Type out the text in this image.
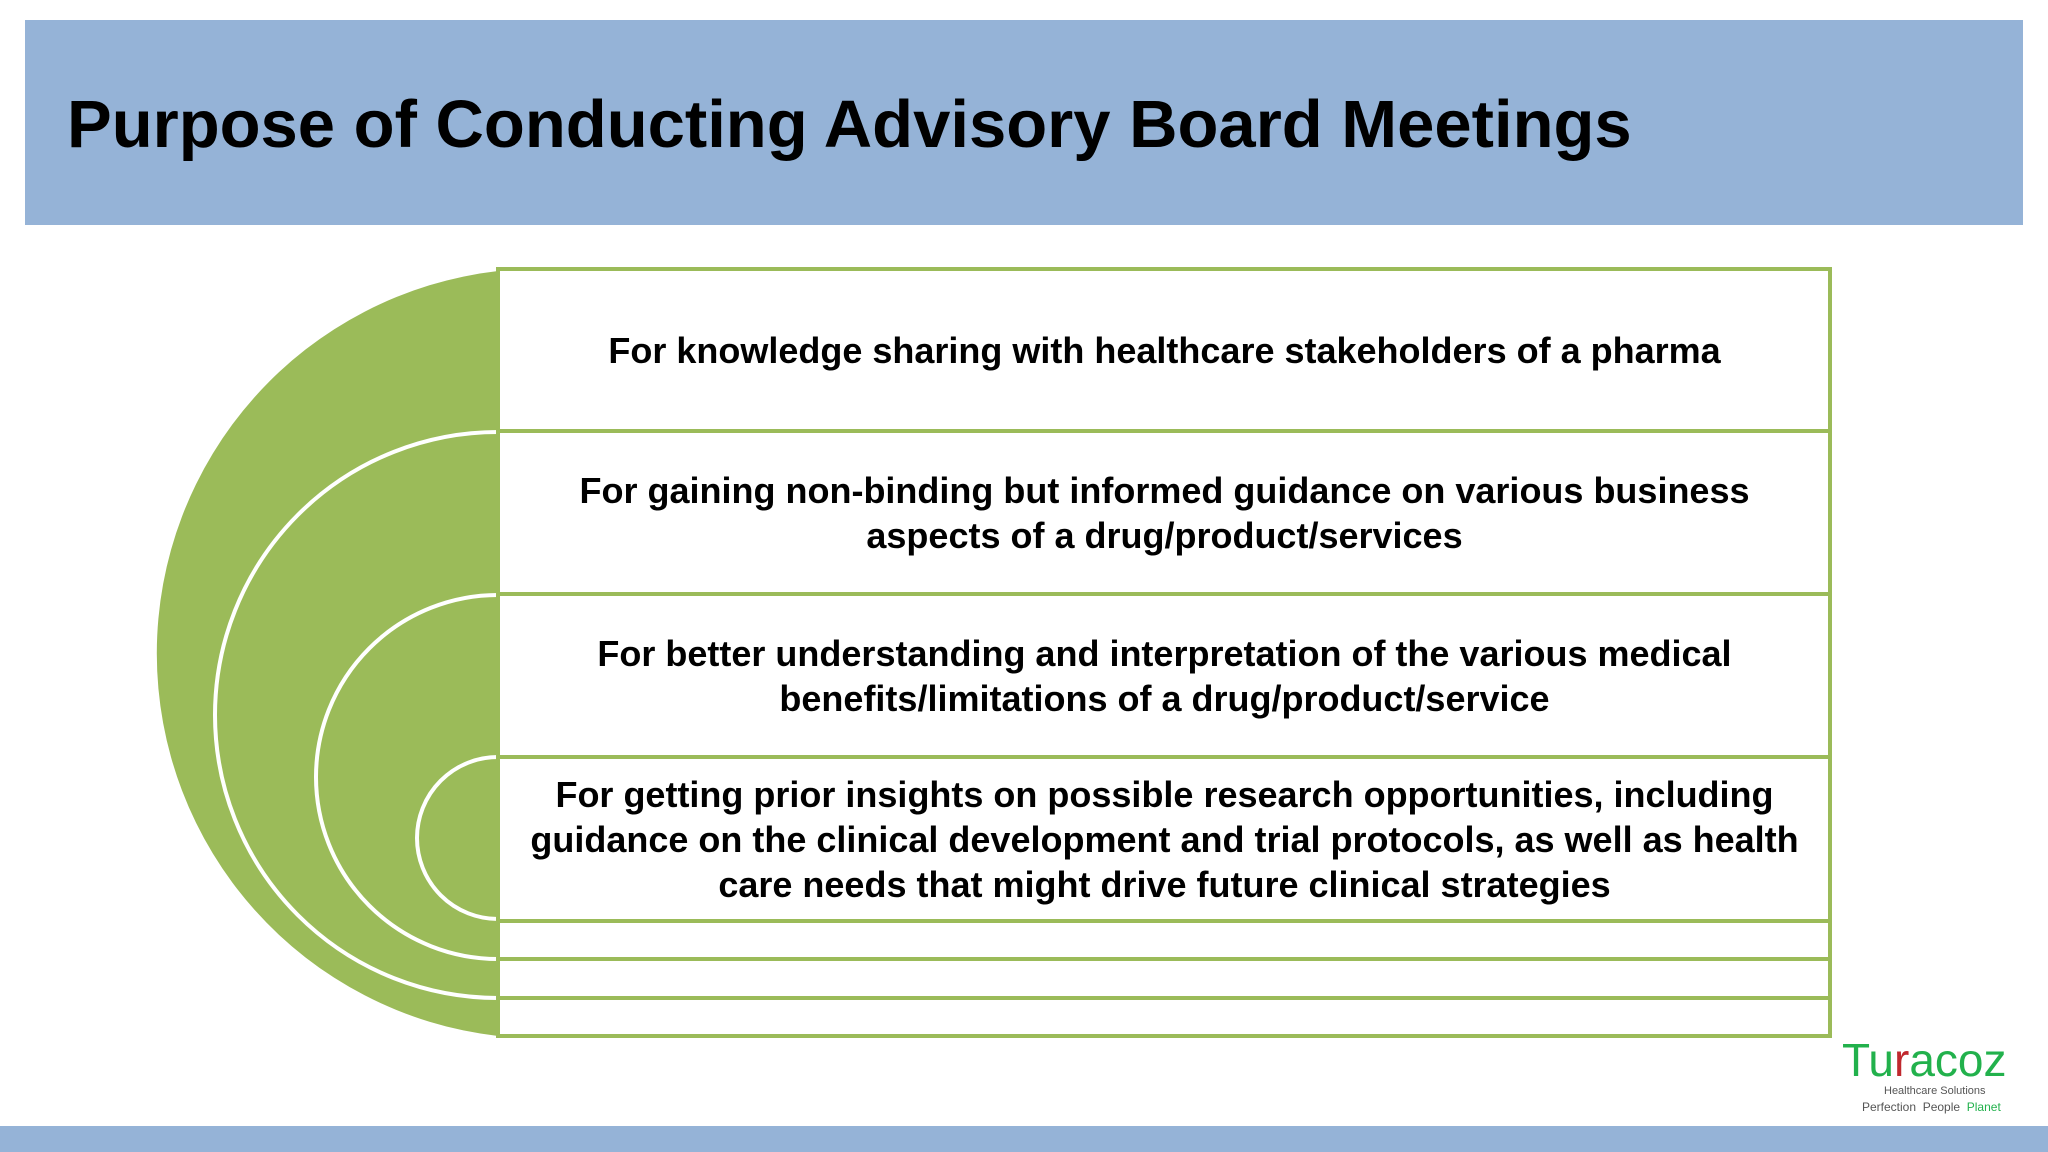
Purpose of Conducting Advisory Board Meetings
For knowledge sharing with healthcare stakeholders of a pharma
For gaining non-binding but informed guidance on various business aspects of a drug/product/services
For better understanding and interpretation of the various medical benefits/limitations of a drug/product/service
For getting prior insights on possible research opportunities, including guidance on the clinical development and trial protocols, as well as health care needs that might drive future clinical strategies
Turacoz
Healthcare Solutions
Perfection People Planet
